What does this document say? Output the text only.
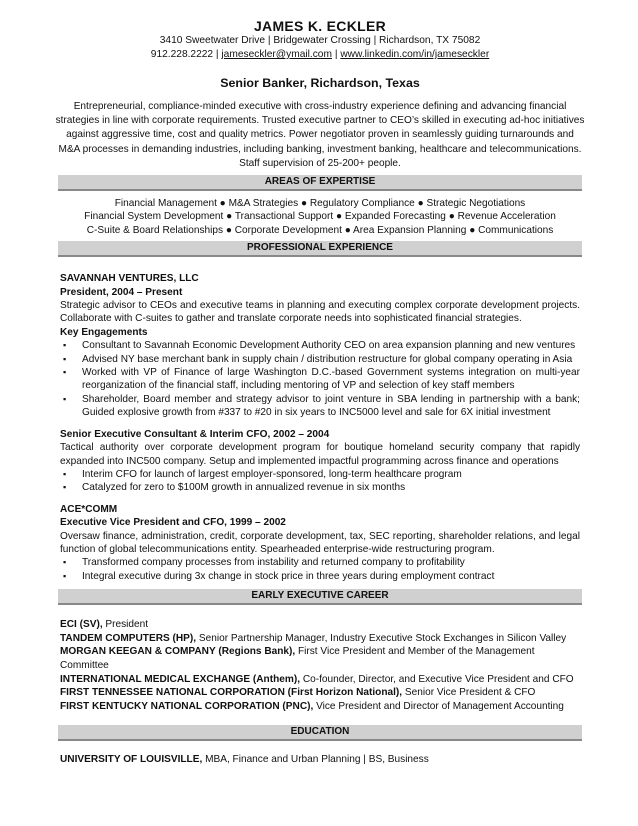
JAMES K. ECKLER
3410 Sweetwater Drive | Bridgewater Crossing | Richardson, TX 75082
912.228.2222 | jameseckler@ymail.com | www.linkedin.com/in/jameseckler
Senior Banker, Richardson, Texas
Entrepreneurial, compliance-minded executive with cross-industry experience defining and advancing financial strategies in line with corporate requirements. Trusted executive partner to CEO’s skilled in executing ad-hoc initiatives against aggressive time, cost and quality metrics. Power negotiator proven in seamlessly guiding turnarounds and M&A processes in demanding industries, including banking, investment banking, healthcare and telecommunications. Staff supervision of 25-200+ people.
AREAS OF EXPERTISE
Financial Management ● M&A Strategies ● Regulatory Compliance ● Strategic Negotiations
Financial System Development ● Transactional Support ● Expanded Forecasting ● Revenue Acceleration
C-Suite & Board Relationships ● Corporate Development ● Area Expansion Planning ● Communications
PROFESSIONAL EXPERIENCE
SAVANNAH VENTURES, LLC
President, 2004 – Present
Strategic advisor to CEOs and executive teams in planning and executing complex corporate development projects. Collaborate with C-suites to gather and translate corporate needs into sophisticated financial strategies.
Key Engagements
▪ Consultant to Savannah Economic Development Authority CEO on area expansion planning and new ventures
▪ Advised NY base merchant bank in supply chain / distribution restructure for global company operating in Asia
▪ Worked with VP of Finance of large Washington D.C.-based Government systems integration on multi-year reorganization of the financial staff, including mentoring of VP and selection of key staff members
▪ Shareholder, Board member and strategy advisor to joint venture in SBA lending in partnership with a bank; Guided explosive growth from #337 to #20 in six years to INC5000 level and sale for 6X initial investment
Senior Executive Consultant & Interim CFO, 2002 – 2004
Tactical authority over corporate development program for boutique homeland security company that rapidly expanded into INC500 company. Setup and implemented impactful programming across finance and operations
▪ Interim CFO for launch of largest employer-sponsored, long-term healthcare program
▪ Catalyzed for zero to $100M growth in annualized revenue in six months
ACE*COMM
Executive Vice President and CFO, 1999 – 2002
Oversaw finance, administration, credit, corporate development, tax, SEC reporting, shareholder relations, and legal function of global telecommunications entity. Spearheaded enterprise-wide restructuring program.
▪ Transformed company processes from instability and returned company to profitability
▪ Integral executive during 3x change in stock price in three years during employment contract
EARLY EXECUTIVE CAREER
ECI (SV), President
TANDEM COMPUTERS (HP), Senior Partnership Manager, Industry Executive Stock Exchanges in Silicon Valley
MORGAN KEEGAN & COMPANY (Regions Bank), First Vice President and Member of the Management Committee
INTERNATIONAL MEDICAL EXCHANGE (Anthem), Co-founder, Director, and Executive Vice President and CFO
FIRST TENNESSEE NATIONAL CORPORATION (First Horizon National), Senior Vice President & CFO
FIRST KENTUCKY NATIONAL CORPORATION (PNC), Vice President and Director of Management Accounting
EDUCATION
UNIVERSITY OF LOUISVILLE, MBA, Finance and Urban Planning | BS, Business
